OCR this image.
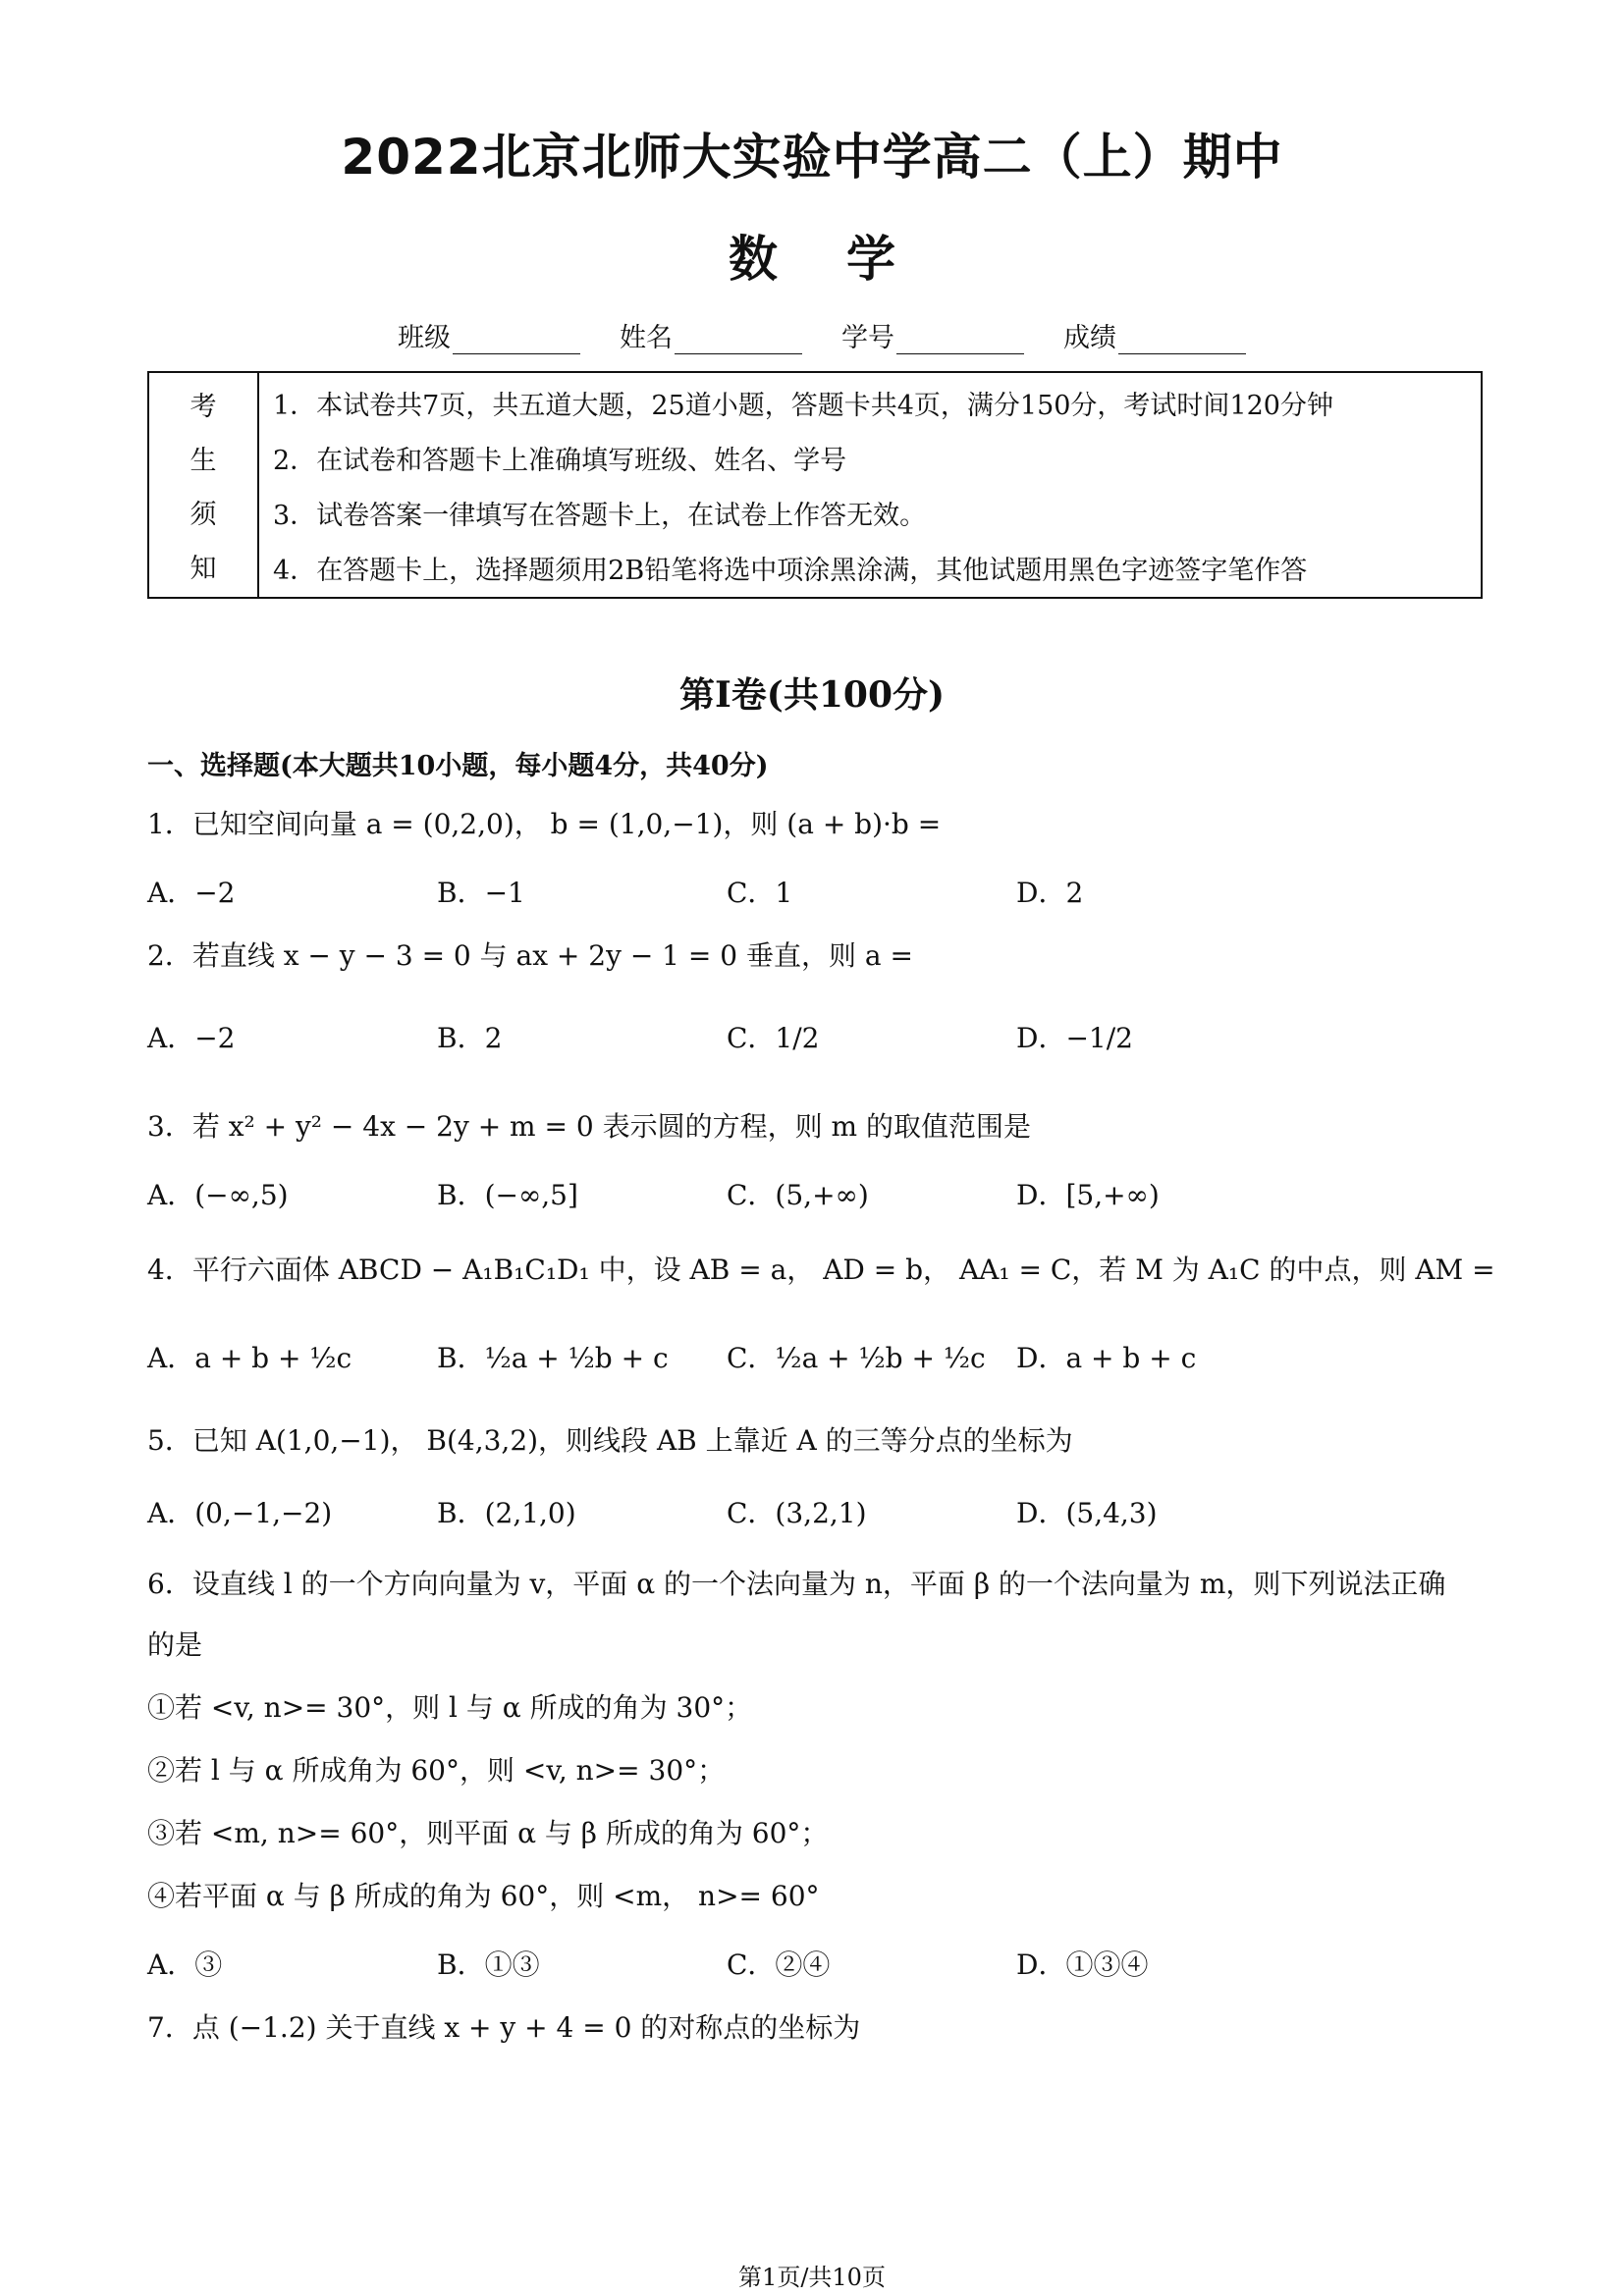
2022北京北师大实验中学高二（上）期中
数学
班级	姓名	学号	成绩
考
生
须
知
1．本试卷共7页，共五道大题，25道小题，答题卡共4页，满分150分，考试时间120分钟
2．在试卷和答题卡上准确填写班级、姓名、学号
3．试卷答案一律填写在答题卡上，在试卷上作答无效。
4．在答题卡上，选择题须用2B铅笔将选中项涂黑涂满，其他试题用黑色字迹签字笔作答
第I卷(共100分)
一、选择题(本大题共10小题，每小题4分，共40分)
1．已知空间向量 a = (0,2,0)， b = (1,0,−1)，则 (a + b)·b =
A．−2	B．−1	C．1	D．2
2．若直线 x − y − 3 = 0 与 ax + 2y − 1 = 0 垂直，则 a =
A．−2	B．2	C．1/2	D．−1/2
3．若 x² + y² − 4x − 2y + m = 0 表示圆的方程，则 m 的取值范围是
A．(−∞,5)	B．(−∞,5]	C．(5,+∞)	D．[5,+∞)
4．平行六面体 ABCD − A₁B₁C₁D₁ 中，设 AB = a， AD = b， AA₁ = C，若 M 为 A₁C 的中点，则 AM =
A．a + b + ½c	B．½a + ½b + c C．½a + ½b + ½c D．a + b + c
5．已知 A(1,0,−1)， B(4,3,2)，则线段 AB 上靠近 A 的三等分点的坐标为
A．(0,−1,−2)	B．(2,1,0)	C．(3,2,1)	D．(5,4,3)
6．设直线 l 的一个方向向量为 v，平面 α 的一个法向量为 n，平面 β 的一个法向量为 m，则下列说法正确
的是
①若 <v, n>= 30°，则 l 与 α 所成的角为 30°；
②若 l 与 α 所成角为 60°，则 <v, n>= 30°；
③若 <m, n>= 60°，则平面 α 与 β 所成的角为 60°；
④若平面 α 与 β 所成的角为 60°，则 <m， n>= 60°
A．③	B．①③	C．②④	D．①③④
7．点 (−1.2) 关于直线 x + y + 4 = 0 的对称点的坐标为
第1页/共10页
